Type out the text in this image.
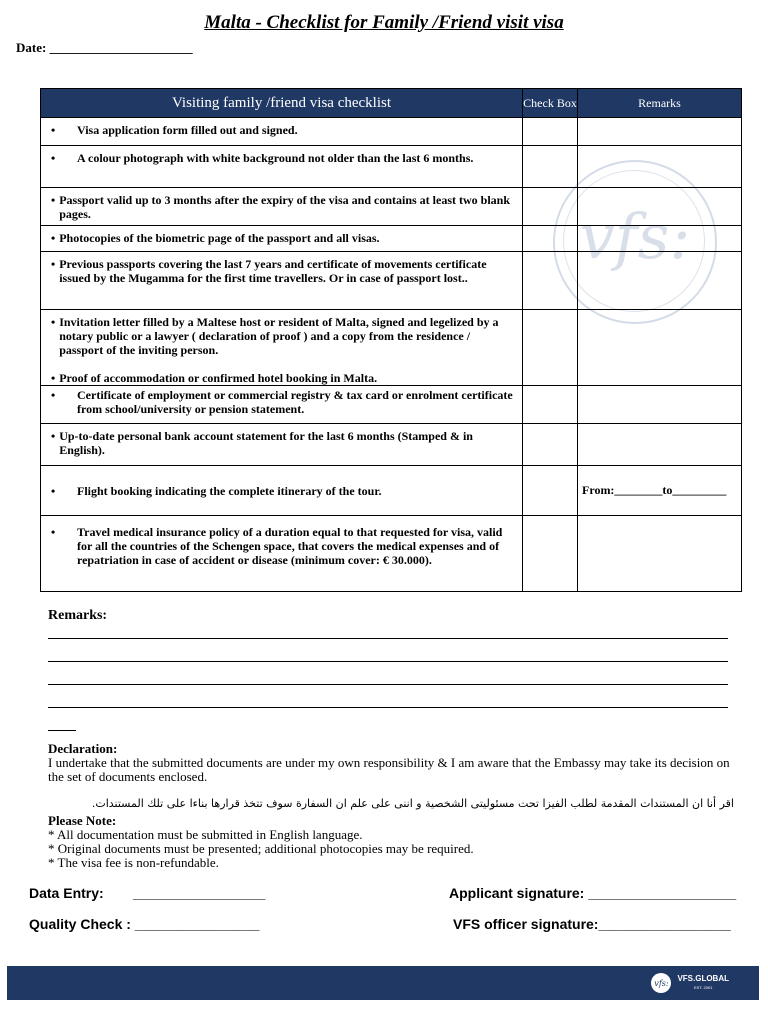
Malta - Checklist for Family /Friend visit visa
Date: ______________________
vfs:
Visiting family /friend visa checklist	Check Box	Remarks

• Visa application form filled out and signed.		

• A colour photograph with white background not older than the last 6 months.		

• Passport valid up to 3 months after the expiry of the visa and contains at least two blank pages.		

• Photocopies of the biometric page of the passport and all visas.		

• Previous passports covering the last 7 years and certificate of movements certificate issued by the Mugamma for the first time travellers. Or in case of passport lost..		

• Invitation letter filled by a Maltese host or resident of Malta, signed and legelized by a notary public or a lawyer ( declaration of proof ) and a copy from the residence / passport of the inviting person.
• Proof of accommodation or confirmed hotel booking in Malta.		

• Certificate of employment or commercial registry & tax card or enrolment certificate from school/university or pension statement.		

• Up-to-date personal bank account statement for the last 6 months (Stamped & in English).		

• Flight booking indicating the complete itinerary of the tour.		From:________to_________

• Travel medical insurance policy of a duration equal to that requested for visa, valid for all the countries of the Schengen space, that covers the medical expenses and of repatriation in case of accident or disease (minimum cover: € 30.000).		

Remarks:
Declaration:
I undertake that the submitted documents are under my own responsibility & I am aware that the Embassy may take its decision on the set of documents enclosed.
اقر أنا ان المستندات المقدمة لطلب الفيزا تحت مسئوليتى الشخصية و اننى على علم ان السفارة سوف تتخذ قرارها بناءا على تلك المستندات.
Please Note:
* All documentation must be submitted in English language.
* Original documents must be presented; additional photocopies may be required.
* The visa fee is non-refundable.
Data Entry: _________________
Quality Check : ________________
Applicant signature: ___________________
VFS officer signature:_________________
vfs:	VFS.GLOBAL
EST. 2001
